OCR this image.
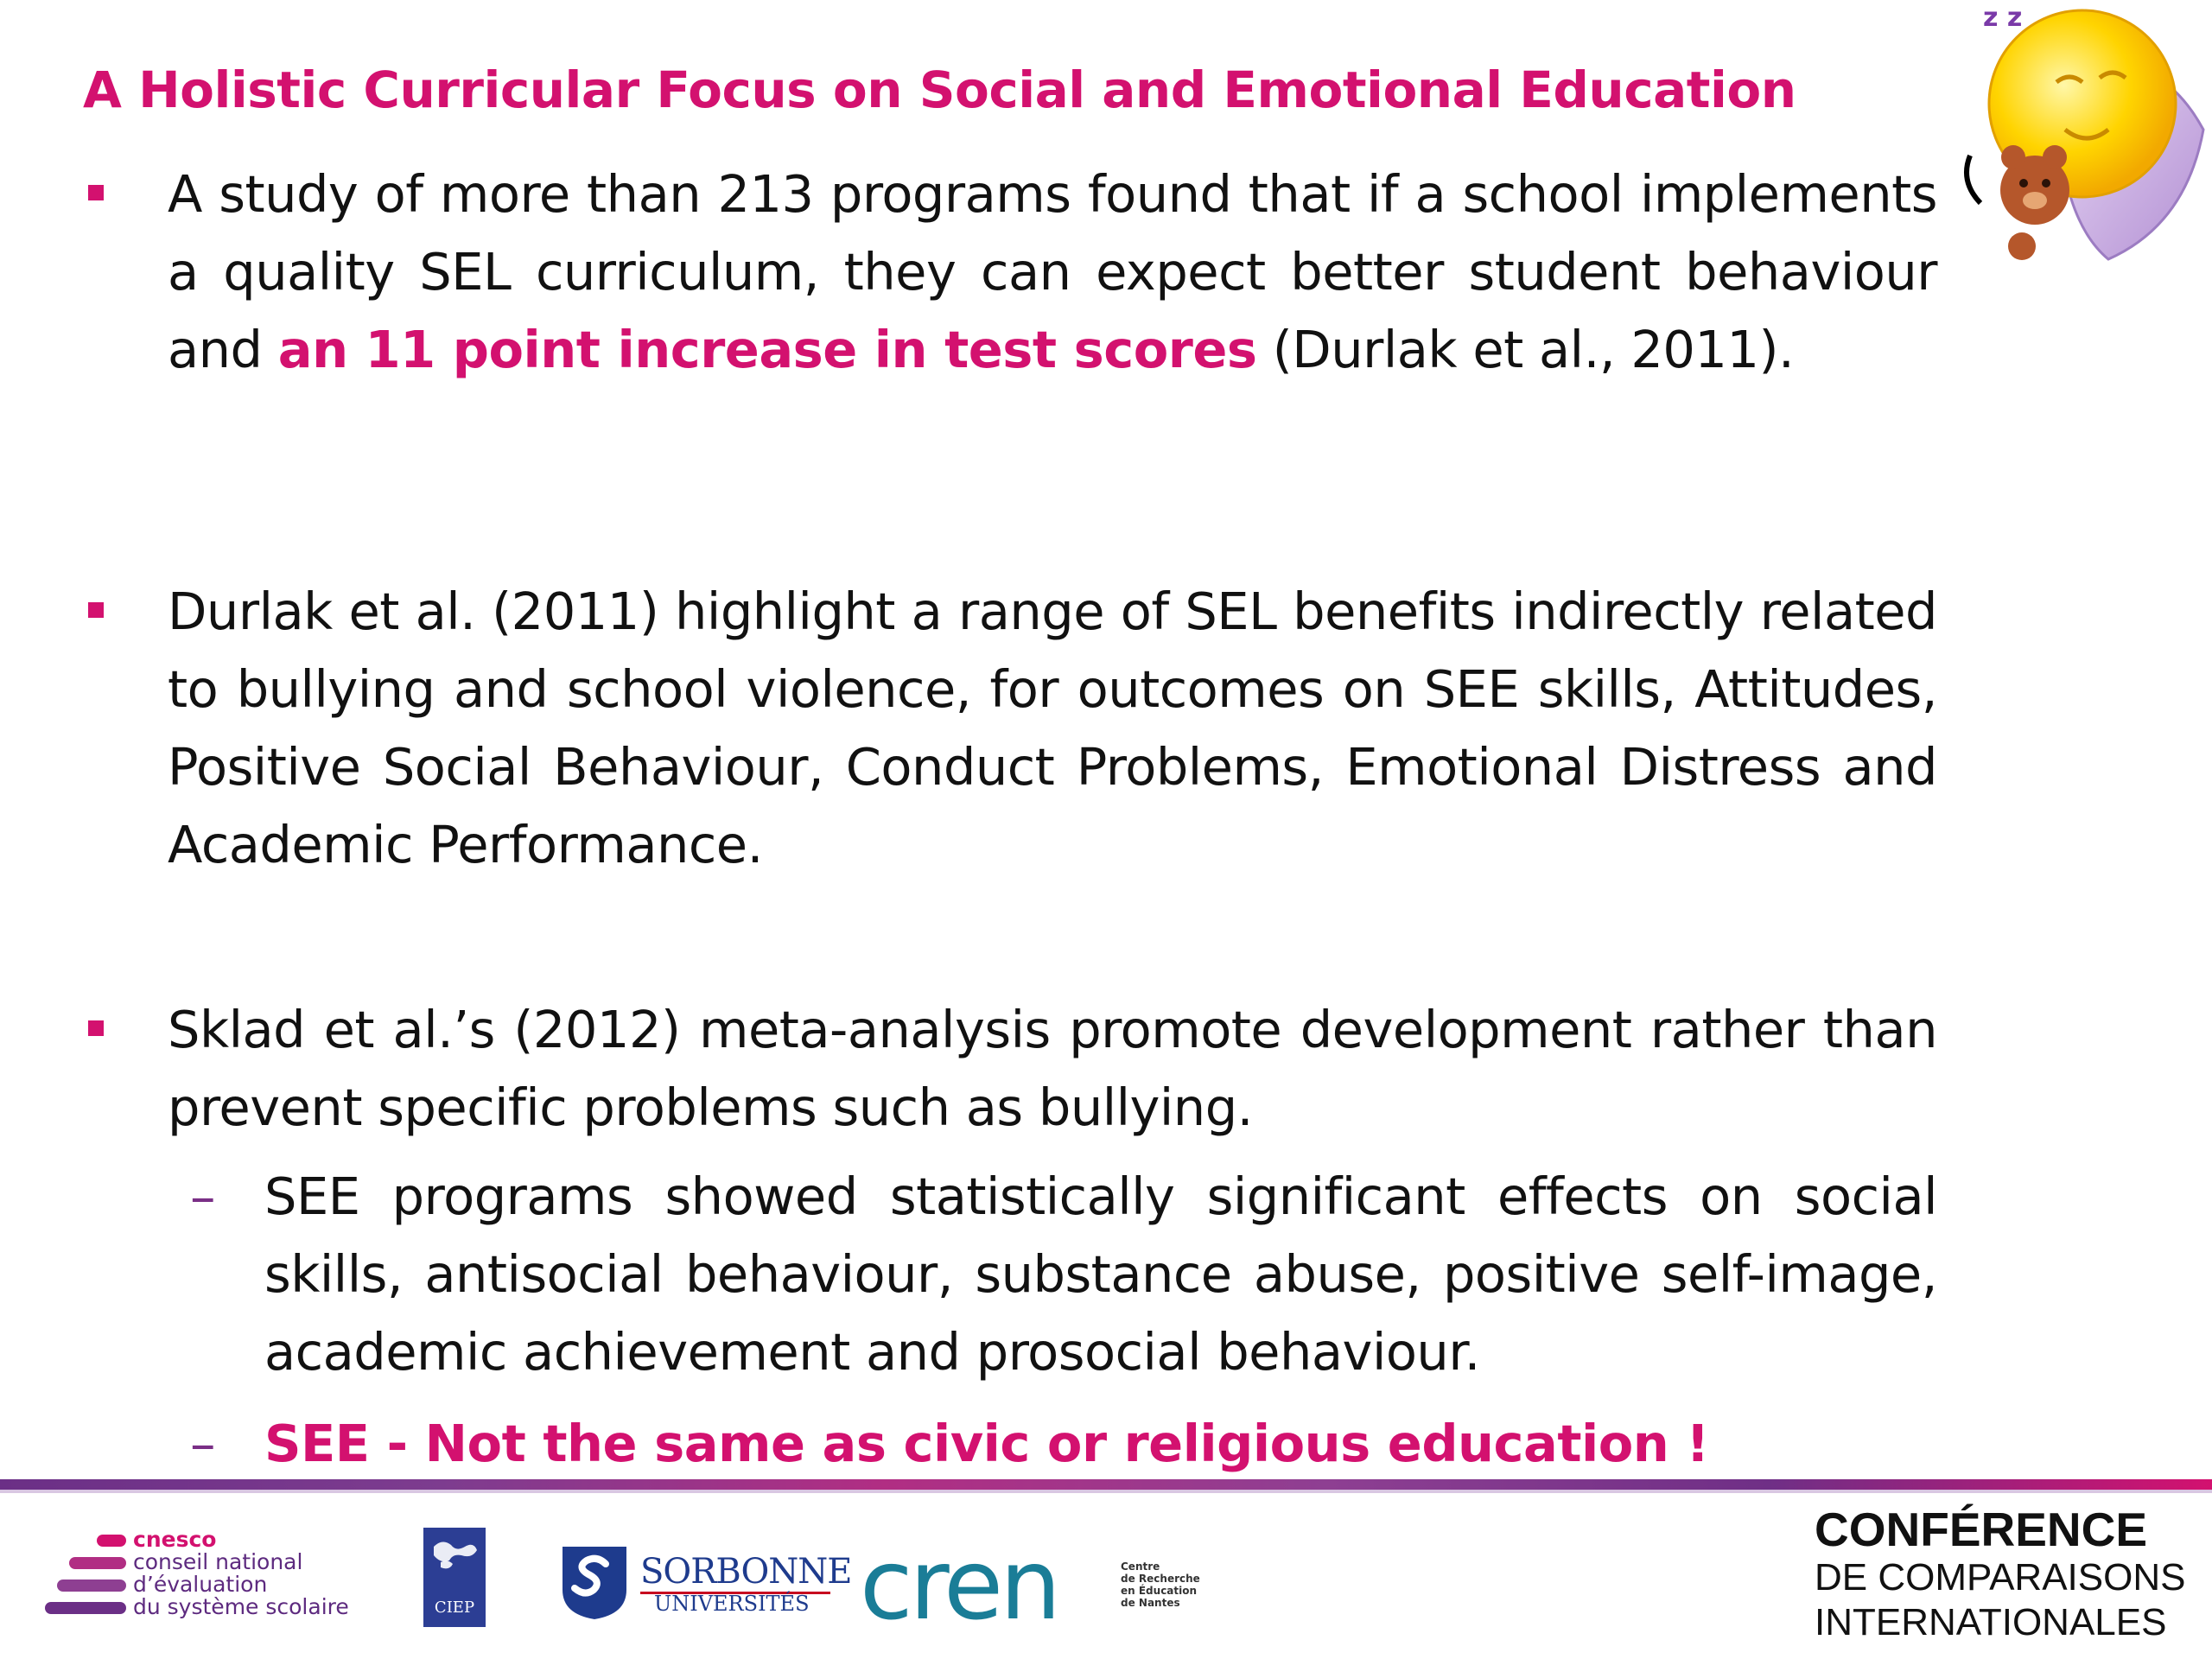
A Holistic Curricular Focus on Social and Emotional Education
A study of more than 213 programs found that if a school implements a quality SEL curriculum, they can expect better student behaviour and an 11 point increase in test scores (Durlak et al., 2011).
Durlak et al. (2011) highlight a range of SEL benefits indirectly related to bullying and school violence, for outcomes on SEE skills, Attitudes, Positive Social Behaviour, Conduct Problems, Emotional Distress and Academic Performance.
Sklad et al.’s (2012) meta-analysis promote development rather than prevent specific problems such as bullying.
– SEE programs showed statistically significant effects on social skills, antisocial behaviour, substance abuse, positive self-image, academic achievement and prosocial behaviour.
– SEE - Not the same as civic or religious education !
z z
cnesco
conseil national
d’évaluation
du système scolaire	CIEP
SORBONNE
UNIVERSITÉS cren	Centre
de Recherche
en Éducation
de Nantes
CONFÉRENCE
DE COMPARAISONS
INTERNATIONALES
